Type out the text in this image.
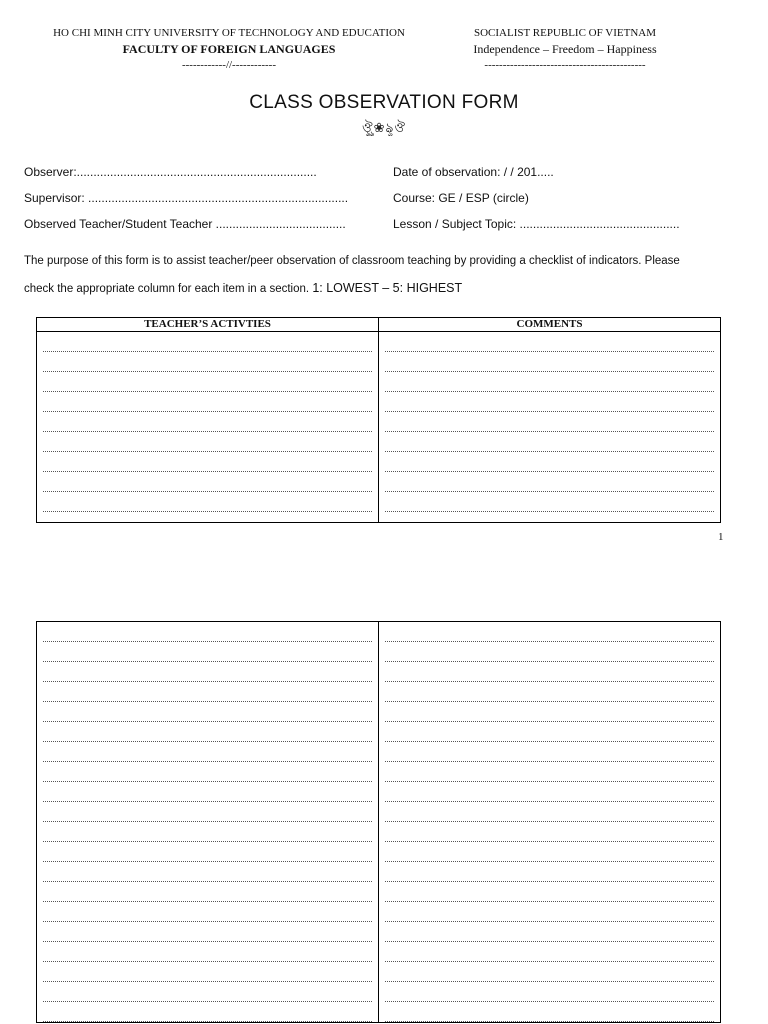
HO CHI MINH CITY UNIVERSITY OF TECHNOLOGY AND EDUCATION
FACULTY OF FOREIGN LANGUAGES
------------//------------
SOCIALIST REPUBLIC OF VIETNAM
Independence – Freedom – Happiness
--------------------------------------------
CLASS OBSERVATION FORM
ঔৣ❀ৡঔ
Observer:........................................................................	Date of observation: / / 201.....
Supervisor: ..............................................................................	Course: GE / ESP (circle)
Observed Teacher/Student Teacher .......................................	Lesson / Subject Topic: ................................................
The purpose of this form is to assist teacher/peer observation of classroom teaching by providing a checklist of indicators. Please
check the appropriate column for each item in a section. 1: LOWEST – 5: HIGHEST
TEACHER’S ACTIVTIES	COMMENTS

1
